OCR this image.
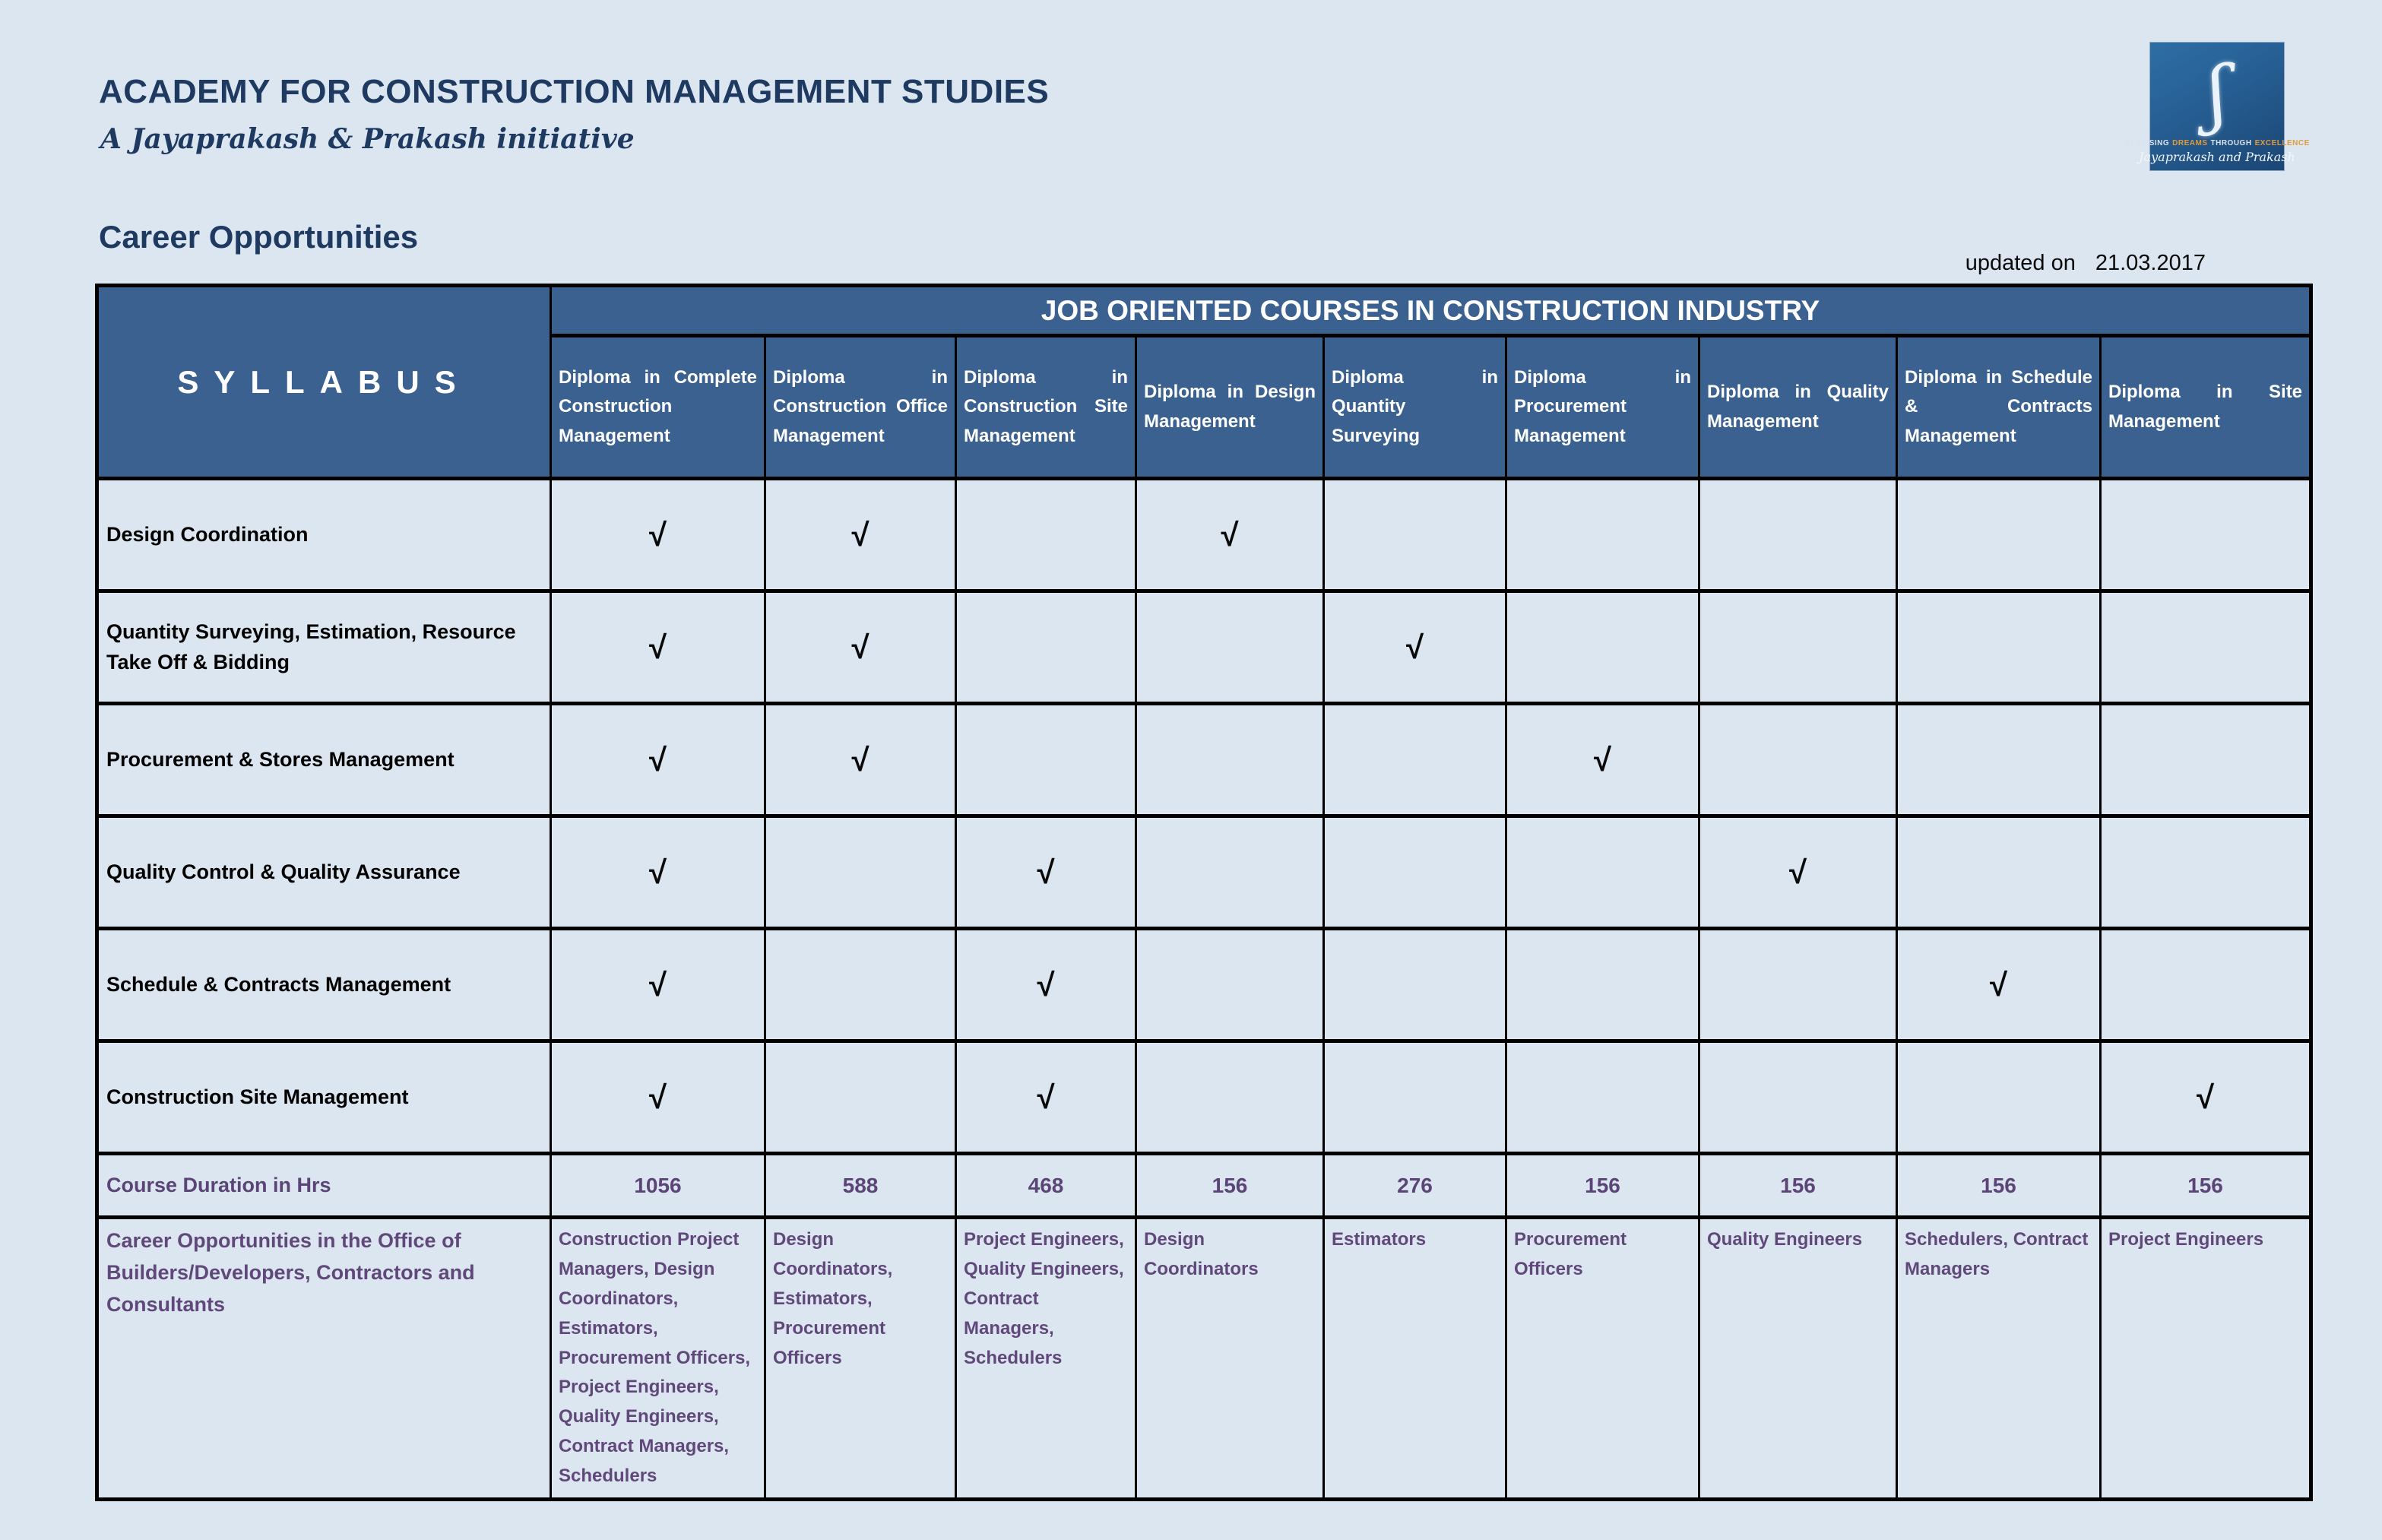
ACADEMY FOR CONSTRUCTION MANAGEMENT STUDIES
A Jayaprakash & Prakash initiative
Career Opportunities
updated on 21.03.2017
ʃ
REALISING DREAMS THROUGH EXCELLENCE
Jayaprakash and Prakash
SYLLABUS	JOB ORIENTED COURSES IN CONSTRUCTION INDUSTRY								
	Diploma in Complete Construction Management	Diploma in Construction Office Management	Diploma in Construction Site Management	Diploma in Design Management	Diploma in Quantity Surveying	Diploma in Procurement Management	Diploma in Quality Management	Diploma in Schedule & Contracts Management	Diploma in Site Management
Design Coordination	√	√		√					
Quantity Surveying, Estimation, Resource Take Off & Bidding	√	√			√				
Procurement & Stores Management	√	√				√			
Quality Control & Quality Assurance	√		√				√		
Schedule & Contracts Management	√		√					√	
Construction Site Management	√		√						√
Course Duration in Hrs	1056	588	468	156	276	156	156	156	156
Career Opportunities in the Office of Builders/Developers, Contractors and Consultants	Construction Project Managers, Design Coordinators, Estimators, Procurement Officers, Project Engineers, Quality Engineers, Contract Managers, Schedulers	Design Coordinators, Estimators, Procurement Officers	Project Engineers, Quality Engineers, Contract Managers, Schedulers	Design Coordinators	Estimators	Procurement Officers	Quality Engineers	Schedulers, Contract Managers	Project Engineers
